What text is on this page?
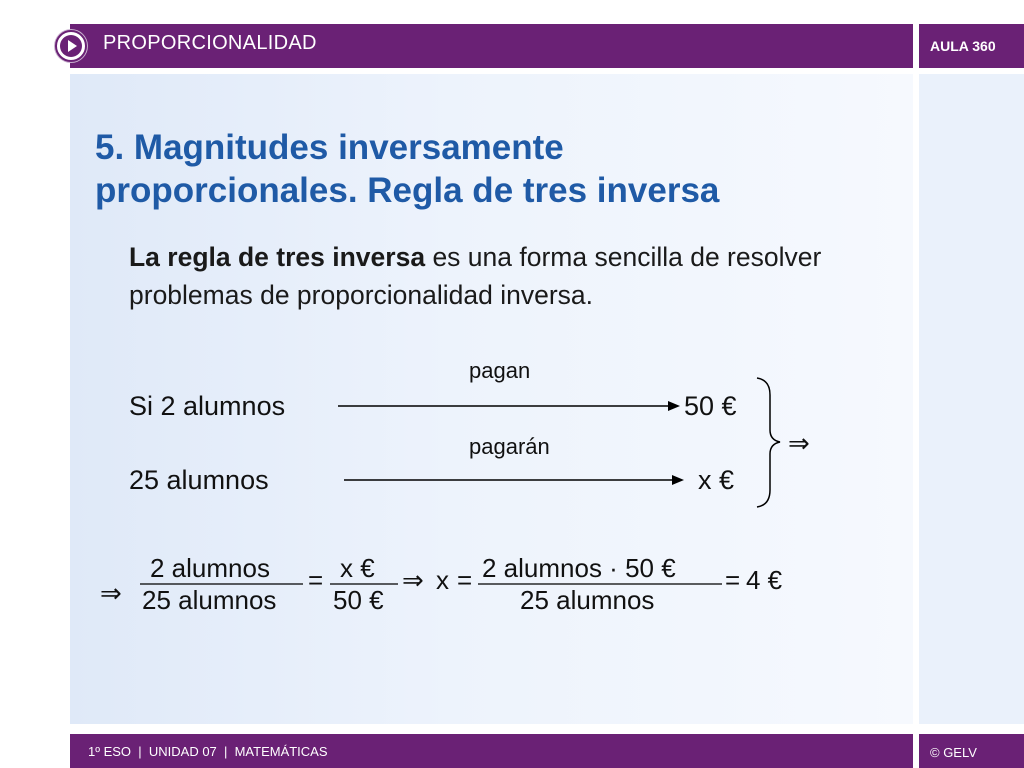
PROPORCIONALIDAD	AULA 360
5. Magnitudes inversamente
proporcionales. Regla de tres inversa

La regla de tres inversa es una forma sencilla de resolver problemas de proporcionalidad inversa.

pagan
Si 2 alumnos	50 €
pagarán
25 alumnos	x €
⇒
⇒
2 alumnos
25 alumnos
= x €
50 €
⇒ x = 2 alumnos · 50 €
25 alumnos
= 4 €
1º ESO  |  UNIDAD 07  |  MATEMÁTICAS	© GELV
